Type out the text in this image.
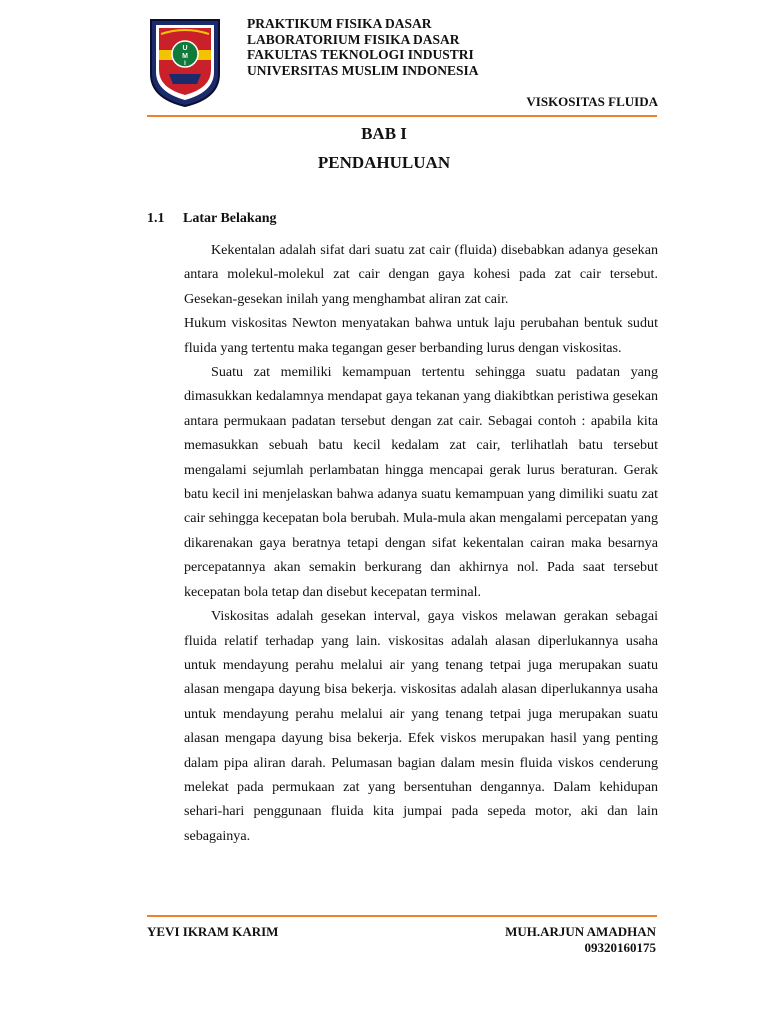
U
M
I
PRAKTIKUM FISIKA DASAR
LABORATORIUM FISIKA DASAR
FAKULTAS TEKNOLOGI INDUSTRI
UNIVERSITAS MUSLIM INDONESIA
VISKOSITAS FLUIDA
BAB I
PENDAHULUAN
1.1 Latar Belakang

Kekentalan adalah sifat dari suatu zat cair (fluida) disebabkan adanya gesekan antara molekul-molekul zat cair dengan gaya kohesi pada zat cair tersebut. Gesekan-gesekan inilah yang menghambat aliran zat cair.

Hukum viskositas Newton menyatakan bahwa untuk laju perubahan bentuk sudut fluida yang tertentu maka tegangan geser berbanding lurus dengan viskositas.

Suatu zat memiliki kemampuan tertentu sehingga suatu padatan yang dimasukkan kedalamnya mendapat gaya tekanan yang diakibtkan peristiwa gesekan antara permukaan padatan tersebut dengan zat cair. Sebagai contoh : apabila kita memasukkan sebuah batu kecil kedalam zat cair, terlihatlah batu tersebut mengalami sejumlah perlambatan hingga mencapai gerak lurus beraturan. Gerak batu kecil ini menjelaskan bahwa adanya suatu kemampuan yang dimiliki suatu zat cair sehingga kecepatan bola berubah. Mula-mula akan mengalami percepatan yang dikarenakan gaya beratnya tetapi dengan sifat kekentalan cairan maka besarnya percepatannya akan semakin berkurang dan akhirnya nol. Pada saat tersebut kecepatan bola tetap dan disebut kecepatan terminal.

Viskositas adalah gesekan interval, gaya viskos melawan gerakan sebagai fluida relatif terhadap yang lain. viskositas adalah alasan diperlukannya usaha untuk mendayung perahu melalui air yang tenang tetpai juga merupakan suatu alasan mengapa dayung bisa bekerja. viskositas adalah alasan diperlukannya usaha untuk mendayung perahu melalui air yang tenang tetpai juga merupakan suatu alasan mengapa dayung bisa bekerja. Efek viskos merupakan hasil yang penting dalam pipa aliran darah. Pelumasan bagian dalam mesin fluida viskos cenderung melekat pada permukaan zat yang bersentuhan dengannya. Dalam kehidupan sehari-hari penggunaan fluida kita jumpai pada sepeda motor, aki dan lain sebagainya.

YEVI IKRAM KARIM	MUH.ARJUN AMADHAN
09320160175
